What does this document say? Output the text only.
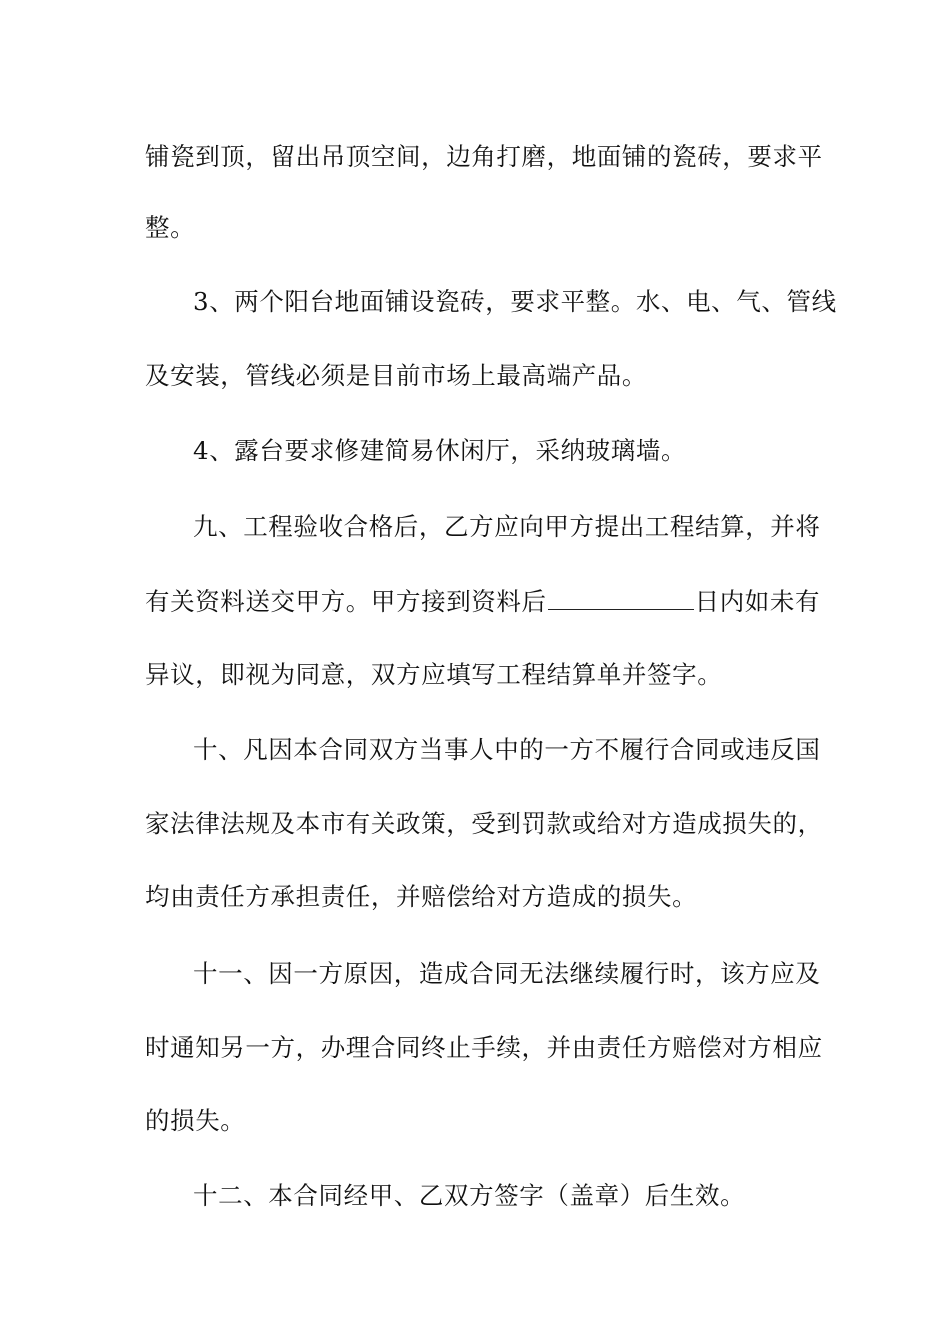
铺瓷到顶，留出吊顶空间，边角打磨，地面铺的瓷砖，要求平
整。
3、两个阳台地面铺设瓷砖，要求平整。水、电、气、管线
及安装，管线必须是目前市场上最高端产品。
4、露台要求修建简易休闲厅，采纳玻璃墙。
九、工程验收合格后，乙方应向甲方提出工程结算，并将
有关资料送交甲方。甲方接到资料后	日内如未有
异议，即视为同意，双方应填写工程结算单并签字。
十、凡因本合同双方当事人中的一方不履行合同或违反国
家法律法规及本市有关政策，受到罚款或给对方造成损失的，
均由责任方承担责任，并赔偿给对方造成的损失。
十一、因一方原因，造成合同无法继续履行时，该方应及
时通知另一方，办理合同终止手续，并由责任方赔偿对方相应
的损失。
十二、本合同经甲、乙双方签字（盖章）后生效。
